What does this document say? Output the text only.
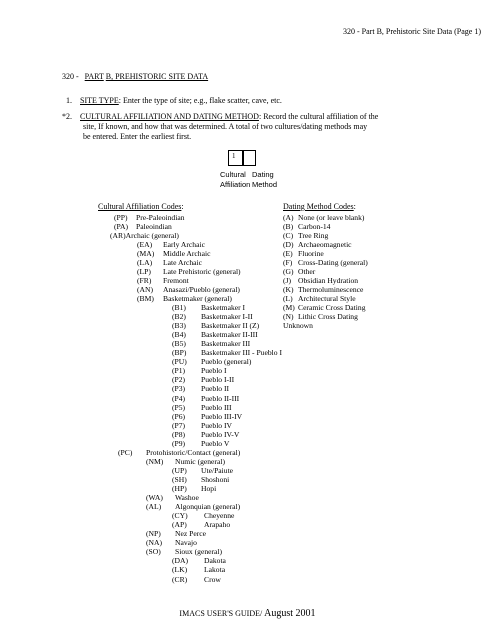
320 - Part B, Prehistoric Site Data (Page 1)
320 - PART B, PREHISTORIC SITE DATA
1. SITE TYPE: Enter the type of site; e.g., flake scatter, cave, etc.
*2. CULTURAL AFFILIATION AND DATING METHOD: Record the cultural affiliation of the
site, If known, and how that was determined. A total of two cultures/dating methods may
be entered. Enter the earliest first.
1
Cultural
Affiliation
Dating
Method
Cultural Affiliation Codes:	Dating Method Codes:
(PP) Pre-Paleoindian
(PA) Paleoindian
(AR)Archaic (general)
(EA) Early Archaic
(MA) Middle Archaic
(LA) Late Archaic
(LP) Late Prehistoric (general)
(FR) Fremont
(AN) Anasazi/Pueblo (general)
(BM) Basketmaker (general)
(B1) Basketmaker I
(B2) Basketmaker I-II
(B3) Basketmaker II (Z)
(B4) Basketmaker II-III
(B5) Basketmaker III
(BP) Basketmaker III - Pueblo I
(PU) Pueblo (general)
(P1) Pueblo I
(P2) Pueblo I-II
(P3) Pueblo II
(P4) Pueblo II-III
(P5) Pueblo III
(P6) Pueblo III-IV
(P7) Pueblo IV
(P8) Pueblo IV-V
(P9) Pueblo V
(PC) Protohistoric/Contact (general)
(NM) Numic (general)
(UP) Ute/Paiute
(SH) Shoshoni
(HP) Hopi
(WA) Washoe
(AL) Algonquian (general)
(CY) Cheyenne
(AP) Arapaho
(NP) Nez Perce
(NA) Navajo
(SO) Sioux (general)
(DA) Dakota
(LK) Lakota
(CR) Crow
(A) None (or leave blank)
(B) Carbon-14
(C) Tree Ring
(D) Archaeomagnetic
(E) Fluorine
(F) Cross-Dating (general)
(G) Other
(J) Obsidian Hydration
(K) Thermoluminescence
(L) Architectural Style
(M) Ceramic Cross Dating
(N) Lithic Cross Dating
Unknown
IMACS USER'S GUIDE/ August 2001
